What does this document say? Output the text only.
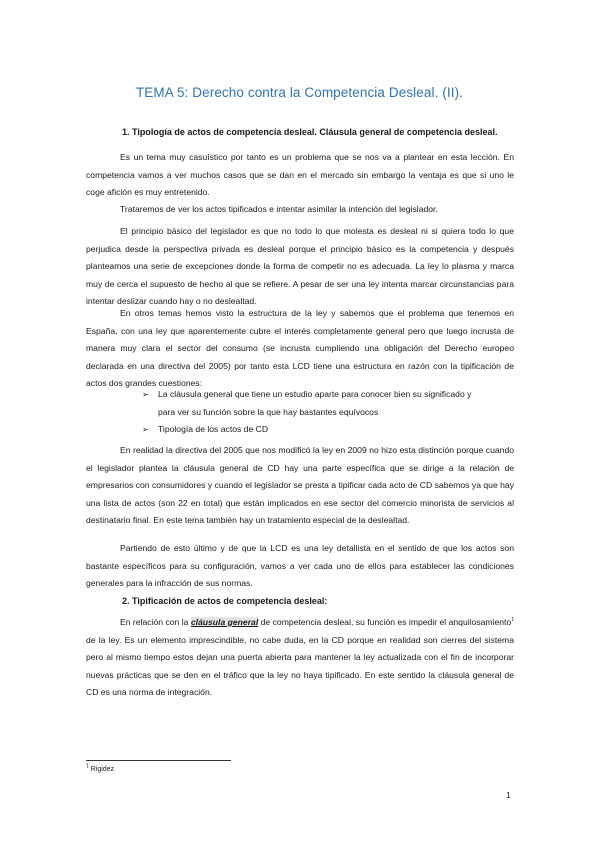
TEMA 5: Derecho contra la Competencia Desleal. (II).
1. Tipología de actos de competencia desleal. Cláusula general de competencia desleal.
Es un tema muy casuístico por tanto es un problema que se nos va a plantear en esta lección. En competencia vamos a ver muchos casos que se dan en el mercado sin embargo la ventaja es que si uno le coge afición es muy entretenido.
Trataremos de ver los actos tipificados e intentar asimilar la intención del legislador.
El principio básico del legislador es que no todo lo que molesta es desleal ni si quiera todo lo que perjudica desde la perspectiva privada es desleal porque el principio básico es la competencia y después planteamos una serie de excepciones donde la forma de competir no es adecuada. La ley lo plasma y marca muy de cerca el supuesto de hecho al que se refiere. A pesar de ser una ley intenta marcar circunstancias para intentar deslizar cuando hay o no deslealtad.
En otros temas hemos visto la estructura de la ley y sabemos que el problema que tenemos en España, con una ley que aparentemente cubre el interés completamente general pero que luego incrusta de manera muy clara el sector del consumo (se incrusta cumpliendo una obligación del Derecho europeo declarada en una directiva del 2005) por tanto esta LCD tiene una estructura en razón con la tipificación de actos dos grandes cuestiones:
➢ La cláusula general que tiene un estudio aparte para conocer bien su significado y para ver su función sobre la que hay bastantes equívocos
➢ Tipología de los actos de CD
En realidad la directiva del 2005 que nos modificó la ley en 2009 no hizo esta distinción porque cuando el legislador plantea la cláusula general de CD hay una parte específica que se dirige a la relación de empresarios con consumidores y cuando el legislador se presta a tipificar cada acto de CD sabemos ya que hay una lista de actos (son 22 en total) que están implicados en ese sector del comercio minorista de servicios al destinatario final. En este tema también hay un tratamiento especial de la deslealtad.
Partiendo de esto último y de que la LCD es una ley detallista en el sentido de que los actos son bastante específicos para su configuración, vamos a ver cada uno de ellos para establecer las condiciones generales para la infracción de sus normas.
2. Tipificación de actos de competencia desleal:
En relación con la cláusula general de competencia desleal, su función es impedir el anquilosamiento$^1$ de la ley. Es un elemento imprescindible, no cabe duda, en la CD porque en realidad son cierres del sistema pero al mismo tiempo estos dejan una puerta abierta para mantener la ley actualizada con el fin de incorporar nuevas prácticas que se den en el tráfico que la ley no haya tipificado. En este sentido la cláusula general de CD es una norma de integración.
$^1$ Rigidez
1
